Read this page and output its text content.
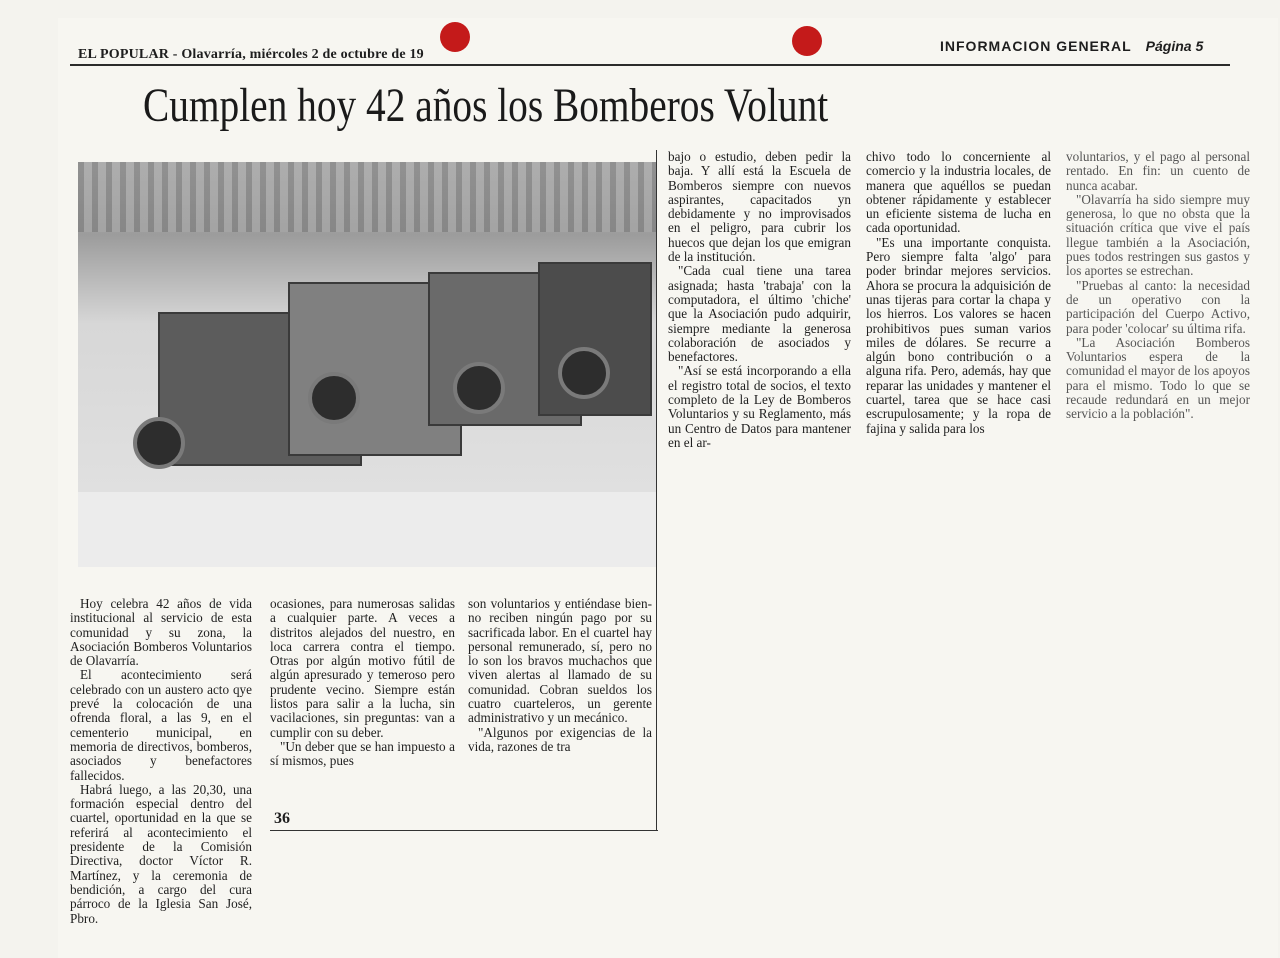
EL POPULAR - Olavarría, miércoles 2 de octubre de 19
INFORMACION GENERAL Página 5
Cumplen hoy 42 años los Bomberos Volunt

Hoy celebra 42 años de vida institucional al servicio de esta comunidad y su zona, la Asociación Bomberos Voluntarios de Olavarría.

El acontecimiento será celebrado con un austero acto qye prevé la colocación de una ofrenda floral, a las 9, en el cementerio municipal, en memoria de directivos, bomberos, asociados y benefactores fallecidos.

Habrá luego, a las 20,30, una formación especial dentro del cuartel, oportunidad en la que se referirá al acontecimiento el presidente de la Comisión Directiva, doctor Víctor R. Martínez, y la ceremonia de bendición, a cargo del cura párroco de la Iglesia San José, Pbro.

ocasiones, para numerosas salidas a cualquier parte. A veces a distritos alejados del nuestro, en loca carrera contra el tiempo. Otras por algún motivo fútil de algún apresurado y temeroso pero prudente vecino. Siempre están listos para salir a la lucha, sin vacilaciones, sin preguntas: van a cumplir con su deber.

"Un deber que se han impuesto a sí mismos, pues

36

son voluntarios y entiéndase bien- no reciben ningún pago por su sacrificada labor. En el cuartel hay personal remunerado, sí, pero no lo son los bravos muchachos que viven alertas al llamado de su comunidad. Cobran sueldos los cuatro cuarteleros, un gerente administrativo y un mecánico.

"Algunos por exigencias de la vida, razones de tra

bajo o estudio, deben pedir la baja. Y allí está la Escuela de Bomberos siempre con nuevos aspirantes, capacitados yn debidamente y no improvisados en el peligro, para cubrir los huecos que dejan los que emigran de la institución.

"Cada cual tiene una tarea asignada; hasta 'trabaja' con la computadora, el último 'chiche' que la Asociación pudo adquirir, siempre mediante la generosa colaboración de asociados y benefactores.

"Así se está incorporando a ella el registro total de socios, el texto completo de la Ley de Bomberos Voluntarios y su Reglamento, más un Centro de Datos para mantener en el ar-

chivo todo lo concerniente al comercio y la industria locales, de manera que aquéllos se puedan obtener rápidamente y establecer un eficiente sistema de lucha en cada oportunidad.

"Es una importante conquista. Pero siempre falta 'algo' para poder brindar mejores servicios. Ahora se procura la adquisición de unas tijeras para cortar la chapa y los hierros. Los valores se hacen prohibitivos pues suman varios miles de dólares. Se recurre a algún bono contribución o a alguna rifa. Pero, además, hay que reparar las unidades y mantener el cuartel, tarea que se hace casi escrupulosamente; y la ropa de fajina y salida para los

voluntarios, y el pago al personal rentado. En fin: un cuento de nunca acabar.

"Olavarría ha sido siempre muy generosa, lo que no obsta que la situación crítica que vive el país llegue también a la Asociación, pues todos restringen sus gastos y los aportes se estrechan.

"Pruebas al canto: la necesidad de un operativo con la participación del Cuerpo Activo, para poder 'colocar' su última rifa.

"La Asociación Bomberos Voluntarios espera de la comunidad el mayor de los apoyos para el mismo. Todo lo que se recaude redundará en un mejor servicio a la población".
